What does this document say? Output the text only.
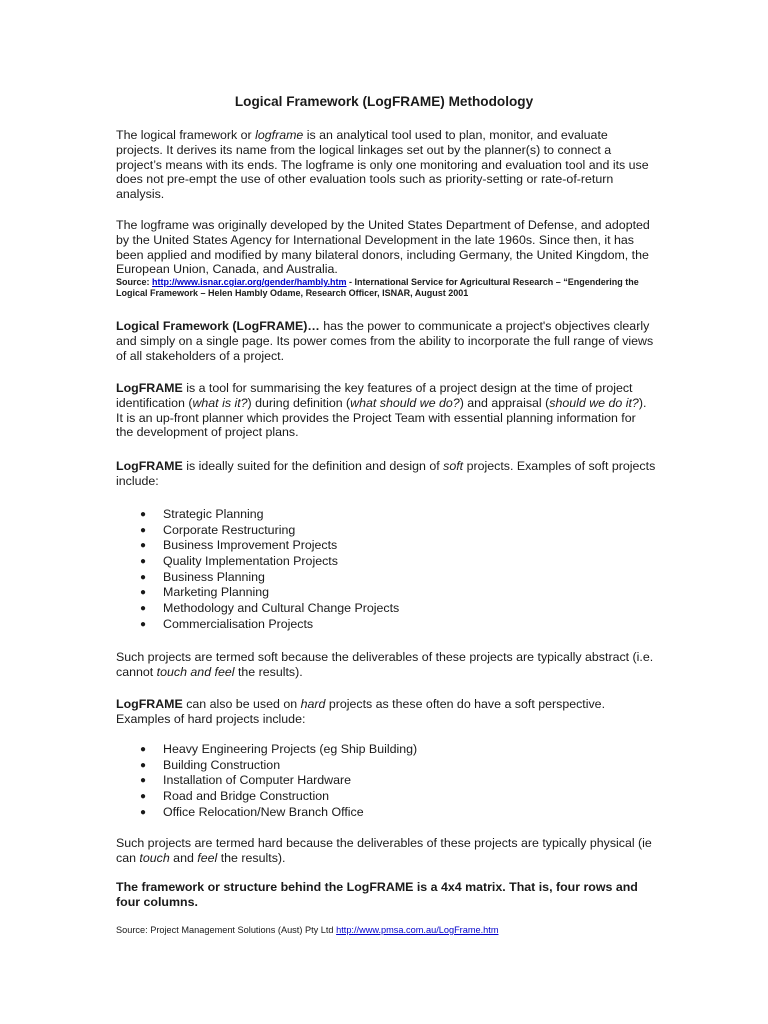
Logical Framework (LogFRAME) Methodology

The logical framework or logframe is an analytical tool used to plan, monitor, and evaluate projects. It derives its name from the logical linkages set out by the planner(s) to connect a project’s means with its ends. The logframe is only one monitoring and evaluation tool and its use does not pre-empt the use of other evaluation tools such as priority-setting or rate-of-return analysis.

The logframe was originally developed by the United States Department of Defense, and adopted by the United States Agency for International Development in the late 1960s. Since then, it has been applied and modified by many bilateral donors, including Germany, the United Kingdom, the European Union, Canada, and Australia.

Source: http://www.isnar.cgiar.org/gender/hambly.htm - International Service for Agricultural Research – “Engendering the Logical Framework – Helen Hambly Odame, Research Officer, ISNAR, August 2001

Logical Framework (LogFRAME)… has the power to communicate a project's objectives clearly and simply on a single page. Its power comes from the ability to incorporate the full range of views of all stakeholders of a project.

LogFRAME is a tool for summarising the key features of a project design at the time of project identification (what is it?) during definition (what should we do?) and appraisal (should we do it?). It is an up-front planner which provides the Project Team with essential planning information for the development of project plans.

LogFRAME is ideally suited for the definition and design of soft projects. Examples of soft projects include:

● Strategic Planning
● Corporate Restructuring
● Business Improvement Projects
● Quality Implementation Projects
● Business Planning
● Marketing Planning
● Methodology and Cultural Change Projects
● Commercialisation Projects

Such projects are termed soft because the deliverables of these projects are typically abstract (i.e. cannot touch and feel the results).

LogFRAME can also be used on hard projects as these often do have a soft perspective. Examples of hard projects include:

● Heavy Engineering Projects (eg Ship Building)
● Building Construction
● Installation of Computer Hardware
● Road and Bridge Construction
● Office Relocation/New Branch Office

Such projects are termed hard because the deliverables of these projects are typically physical (ie can touch and feel the results).

The framework or structure behind the LogFRAME is a 4x4 matrix. That is, four rows and four columns.

Source: Project Management Solutions (Aust) Pty Ltd http://www.pmsa.com.au/LogFrame.htm
